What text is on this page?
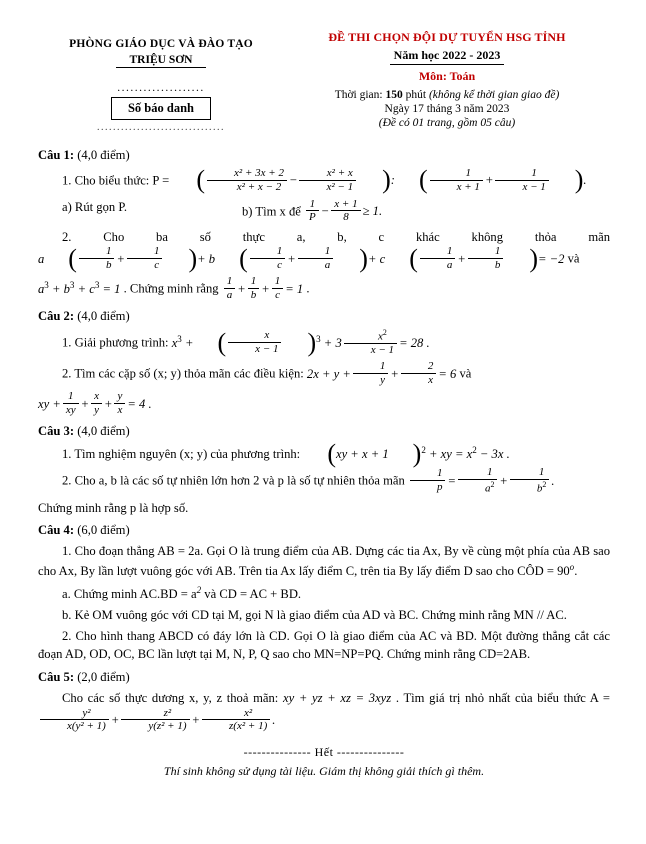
PHÒNG GIÁO DỤC VÀ ĐÀO TẠO
TRIỆU SƠN
....................
Số báo danh
................................
ĐỀ THI CHỌN ĐỘI DỰ TUYỂN HSG TỈNH
Năm học 2022 - 2023
Môn: Toán
Thời gian: 150 phút (không kể thời gian giao đề)
Ngày 17 tháng 3 năm 2023
(Đề có 01 trang, gồm 05 câu)
Câu 1: (4,0 điểm)
1. Cho biểu thức: P = ( $\frac{\text{x² + 3x + 2}}{\text{x² + x − 2}} - \frac{\text{x² + x}}{\text{x² − 1}}$ ): ( $\frac{1}{x + 1} + \frac{1}{x - 1}$ ).
a) Rút gọn P.	b) Tìm x để $\frac{1}{P} - \frac{x + 1}{8} \ge 1$.
2. Cho ba số thực a, b, c khác không thỏa mãn a ( $\frac{1}{b} + \frac{1}{c}$ )+ b ( $\frac{1}{c} + \frac{1}{a}$ )+ c ( $\frac{1}{a} + \frac{1}{b}$ )= −2 và
$a^3 + b^3 + c^3 = 1$ . Chứng minh rằng $\frac{1}{a} + \frac{1}{b} + \frac{1}{c} = 1$ .
Câu 2: (4,0 điểm)
1. Giải phương trình: $x^3$ + ( $\frac{x}{x - 1} )^3 + 3 \frac{x^2}{x - 1} = 28$ .
2. Tìm các cặp số (x; y) thỏa mãn các điều kiện: $2x + y + \frac{1}{y} + \frac{2}{x} = 6$ và
xy + $\frac{1}{xy} + \frac{x}{y} + \frac{y}{x} = 4$ .
Câu 3: (4,0 điểm)
1. Tìm nghiệm nguyên (x; y) của phương trình: (xy + x + 1 )$^2$ + xy = $x^2 - 3x$ .
2. Cho a, b là các số tự nhiên lớn hơn 2 và p là số tự nhiên thỏa mãn $\frac{1}{p} = \frac{1}{a^2} + \frac{1}{b^2}$ .
Chứng minh rằng p là hợp số.
Câu 4: (6,0 điểm)
1. Cho đoạn thẳng AB = 2a. Gọi O là trung điểm của AB. Dựng các tia Ax, By về cùng một phía của AB sao cho Ax, By lần lượt vuông góc với AB. Trên tia Ax lấy điểm C, trên tia By lấy điểm D sao cho CÔD = $90^o$.
a. Chứng minh $AC.BD = a^2$ và CD = AC + BD.
b. Kẻ OM vuông góc với CD tại M, gọi N là giao điểm của AD và BC. Chứng minh rằng MN // AC.
2. Cho hình thang ABCD có đáy lớn là CD. Gọi O là giao điểm của AC và BD. Một đường thẳng cắt các đoạn AD, OD, OC, BC lần lượt tại M, N, P, Q sao cho MN=NP=PQ. Chứng minh rằng CD=2AB.
Câu 5: (2,0 điểm)
Cho các số thực dương x, y, z thoả mãn: xy + yz + xz = 3xyz . Tìm giá trị nhỏ nhất của biểu thức A =
$\frac{\text{y²}}{\text{x(y² + 1)}} + \frac{\text{z²}}{\text{y(z² + 1)}} + \frac{\text{x²}}{\text{z(x² + 1)}}$ .
--------------- Hết ---------------
Thí sinh không sử dụng tài liệu. Giám thị không giải thích gì thêm.
